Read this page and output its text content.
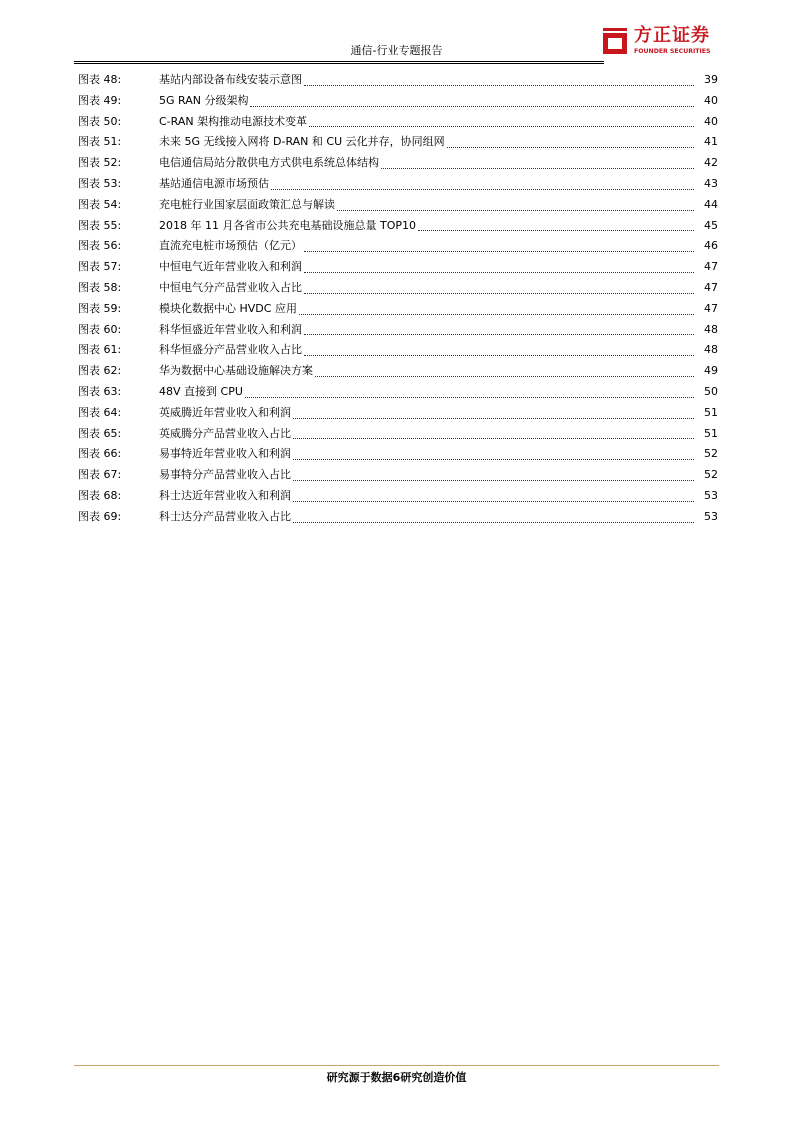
通信-行业专题报告
方正证券
FOUNDER SECURITIES
图表 48:	基站内部设备布线安装示意图	39
图表 49:	5G RAN 分级架构	40
图表 50:	C-RAN 架构推动电源技术变革	40
图表 51:	未来 5G 无线接入网将 D-RAN 和 CU 云化并存，协同组网	41
图表 52:	电信通信局站分散供电方式供电系统总体结构	42
图表 53:	基站通信电源市场预估	43
图表 54:	充电桩行业国家层面政策汇总与解读	44
图表 55:	2018 年 11 月各省市公共充电基础设施总量 TOP10	45
图表 56:	直流充电桩市场预估（亿元）	46
图表 57:	中恒电气近年营业收入和利润	47
图表 58:	中恒电气分产品营业收入占比	47
图表 59:	模块化数据中心 HVDC 应用	47
图表 60:	科华恒盛近年营业收入和利润	48
图表 61:	科华恒盛分产品营业收入占比	48
图表 62:	华为数据中心基础设施解决方案	49
图表 63:	48V 直接到 CPU	50
图表 64:	英威腾近年营业收入和利润	51
图表 65:	英威腾分产品营业收入占比	51
图表 66:	易事特近年营业收入和利润	52
图表 67:	易事特分产品营业收入占比	52
图表 68:	科士达近年营业收入和利润	53
图表 69:	科士达分产品营业收入占比	53
研究源于数据6研究创造价值
